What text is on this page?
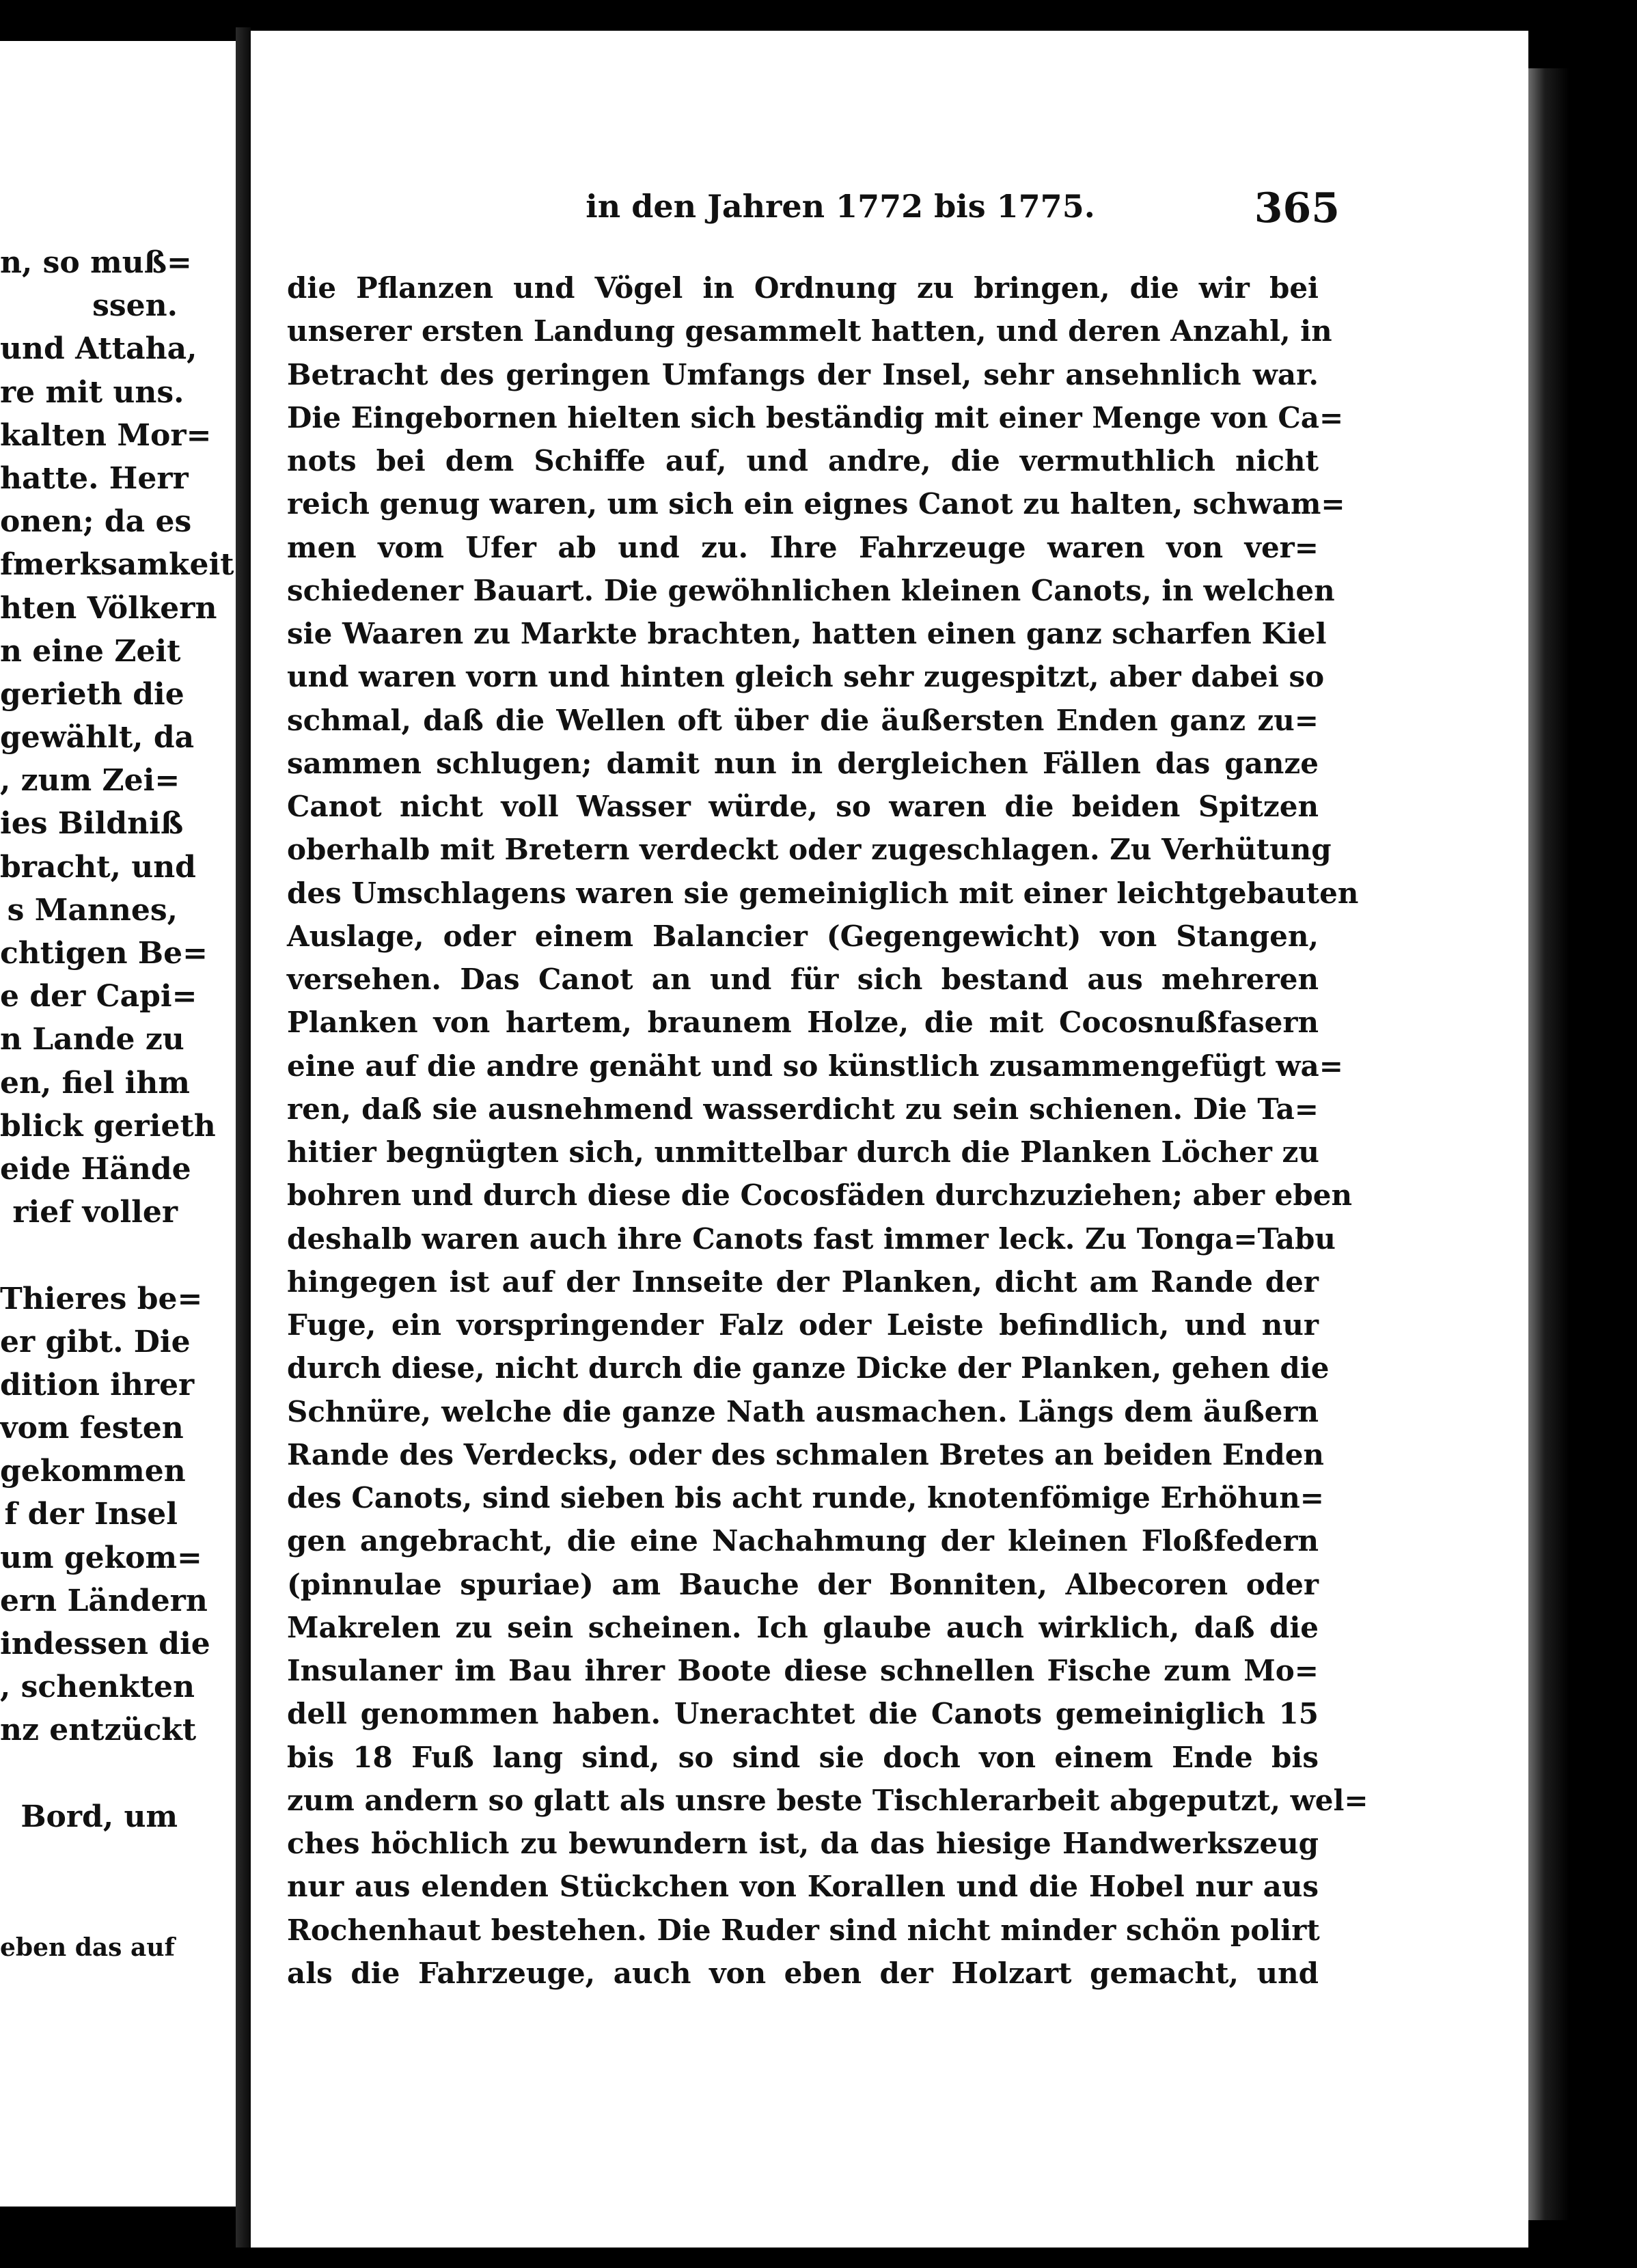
n, so muß=
ssen.
und Attaha,
re mit uns.
kalten Mor=
hatte. Herr
onen; da es
fmerksamkeit
hten Völkern
n eine Zeit
gerieth die
gewählt, da
, zum Zei=
ies Bildniß
bracht, und
s Mannes,
chtigen Be=
e der Capi=
n Lande zu
en, fiel ihm
blick gerieth
eide Hände
rief voller
Thieres be=
er gibt. Die
dition ihrer
vom festen
gekommen
f der Insel
um gekom=
ern Ländern
indessen die
, schenkten
nz entzückt
Bord, um
eben das auf
in den Jahren 1772 bis 1775.	365
die Pflanzen und Vögel in Ordnung zu bringen, die wir bei
unserer ersten Landung gesammelt hatten, und deren Anzahl, in
Betracht des geringen Umfangs der Insel, sehr ansehnlich war.
Die Eingebornen hielten sich beständig mit einer Menge von Ca=
nots bei dem Schiffe auf, und andre, die vermuthlich nicht
reich genug waren, um sich ein eignes Canot zu halten, schwam=
men vom Ufer ab und zu. Ihre Fahrzeuge waren von ver=
schiedener Bauart. Die gewöhnlichen kleinen Canots, in welchen
sie Waaren zu Markte brachten, hatten einen ganz scharfen Kiel
und waren vorn und hinten gleich sehr zugespitzt, aber dabei so
schmal, daß die Wellen oft über die äußersten Enden ganz zu=
sammen schlugen; damit nun in dergleichen Fällen das ganze
Canot nicht voll Wasser würde, so waren die beiden Spitzen
oberhalb mit Bretern verdeckt oder zugeschlagen. Zu Verhütung
des Umschlagens waren sie gemeiniglich mit einer leichtgebauten
Auslage, oder einem Balancier (Gegengewicht) von Stangen,
versehen. Das Canot an und für sich bestand aus mehreren
Planken von hartem, braunem Holze, die mit Cocosnußfasern
eine auf die andre genäht und so künstlich zusammengefügt wa=
ren, daß sie ausnehmend wasserdicht zu sein schienen. Die Ta=
hitier begnügten sich, unmittelbar durch die Planken Löcher zu
bohren und durch diese die Cocosfäden durchzuziehen; aber eben
deshalb waren auch ihre Canots fast immer leck. Zu Tonga=Tabu
hingegen ist auf der Innseite der Planken, dicht am Rande der
Fuge, ein vorspringender Falz oder Leiste befindlich, und nur
durch diese, nicht durch die ganze Dicke der Planken, gehen die
Schnüre, welche die ganze Nath ausmachen. Längs dem äußern
Rande des Verdecks, oder des schmalen Bretes an beiden Enden
des Canots, sind sieben bis acht runde, knotenfömige Erhöhun=
gen angebracht, die eine Nachahmung der kleinen Floßfedern
(pinnulae spuriae) am Bauche der Bonniten, Albecoren oder
Makrelen zu sein scheinen. Ich glaube auch wirklich, daß die
Insulaner im Bau ihrer Boote diese schnellen Fische zum Mo=
dell genommen haben. Unerachtet die Canots gemeiniglich 15
bis 18 Fuß lang sind, so sind sie doch von einem Ende bis
zum andern so glatt als unsre beste Tischlerarbeit abgeputzt, wel=
ches höchlich zu bewundern ist, da das hiesige Handwerkszeug
nur aus elenden Stückchen von Korallen und die Hobel nur aus
Rochenhaut bestehen. Die Ruder sind nicht minder schön polirt
als die Fahrzeuge, auch von eben der Holzart gemacht, und
